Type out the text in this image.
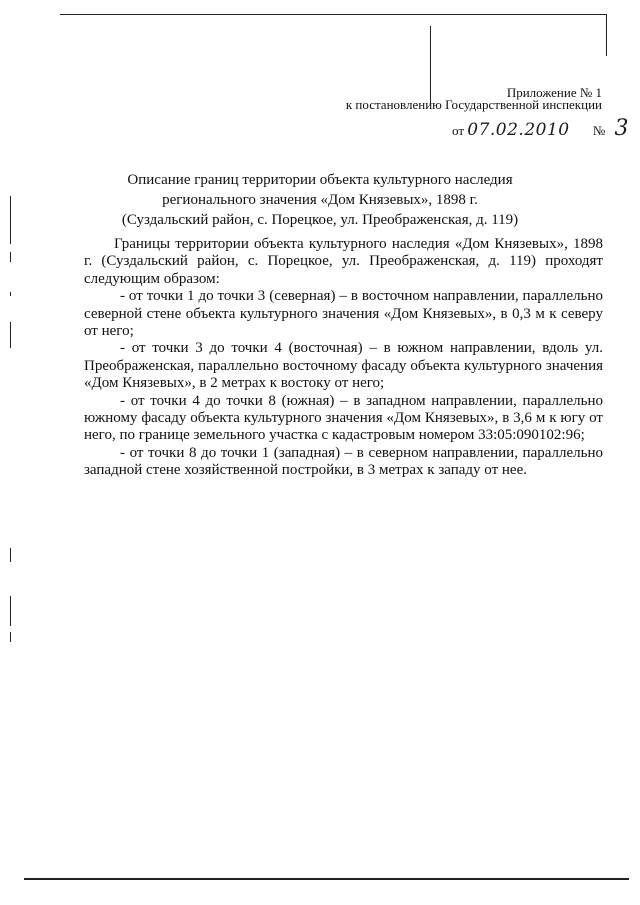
Приложение № 1
к постановлению Государственной инспекции
от 07.02.2010 № 3
Описание границ территории объекта культурного наследия
регионального значения «Дом Князевых», 1898 г.
(Суздальский район, с. Порецкое, ул. Преображенская, д. 119)

Границы территории объекта культурного наследия «Дом Князевых», 1898 г. (Суздальский район, с. Порецкое, ул. Преображенская, д. 119) проходят следующим образом:

- от точки 1 до точки 3 (северная) – в восточном направлении, параллельно северной стене объекта культурного значения «Дом Князевых», в 0,3 м к северу от него;

- от точки 3 до точки 4 (восточная) – в южном направлении, вдоль ул. Преображенская, параллельно восточному фасаду объекта культурного значения «Дом Князевых», в 2 метрах к востоку от него;

- от точки 4 до точки 8 (южная) – в западном направлении, параллельно южному фасаду объекта культурного значения «Дом Князевых», в 3,6 м к югу от него, по границе земельного участка с кадастровым номером 33:05:090102:96;

- от точки 8 до точки 1 (западная) – в северном направлении, параллельно западной стене хозяйственной постройки, в 3 метрах к западу от нее.
